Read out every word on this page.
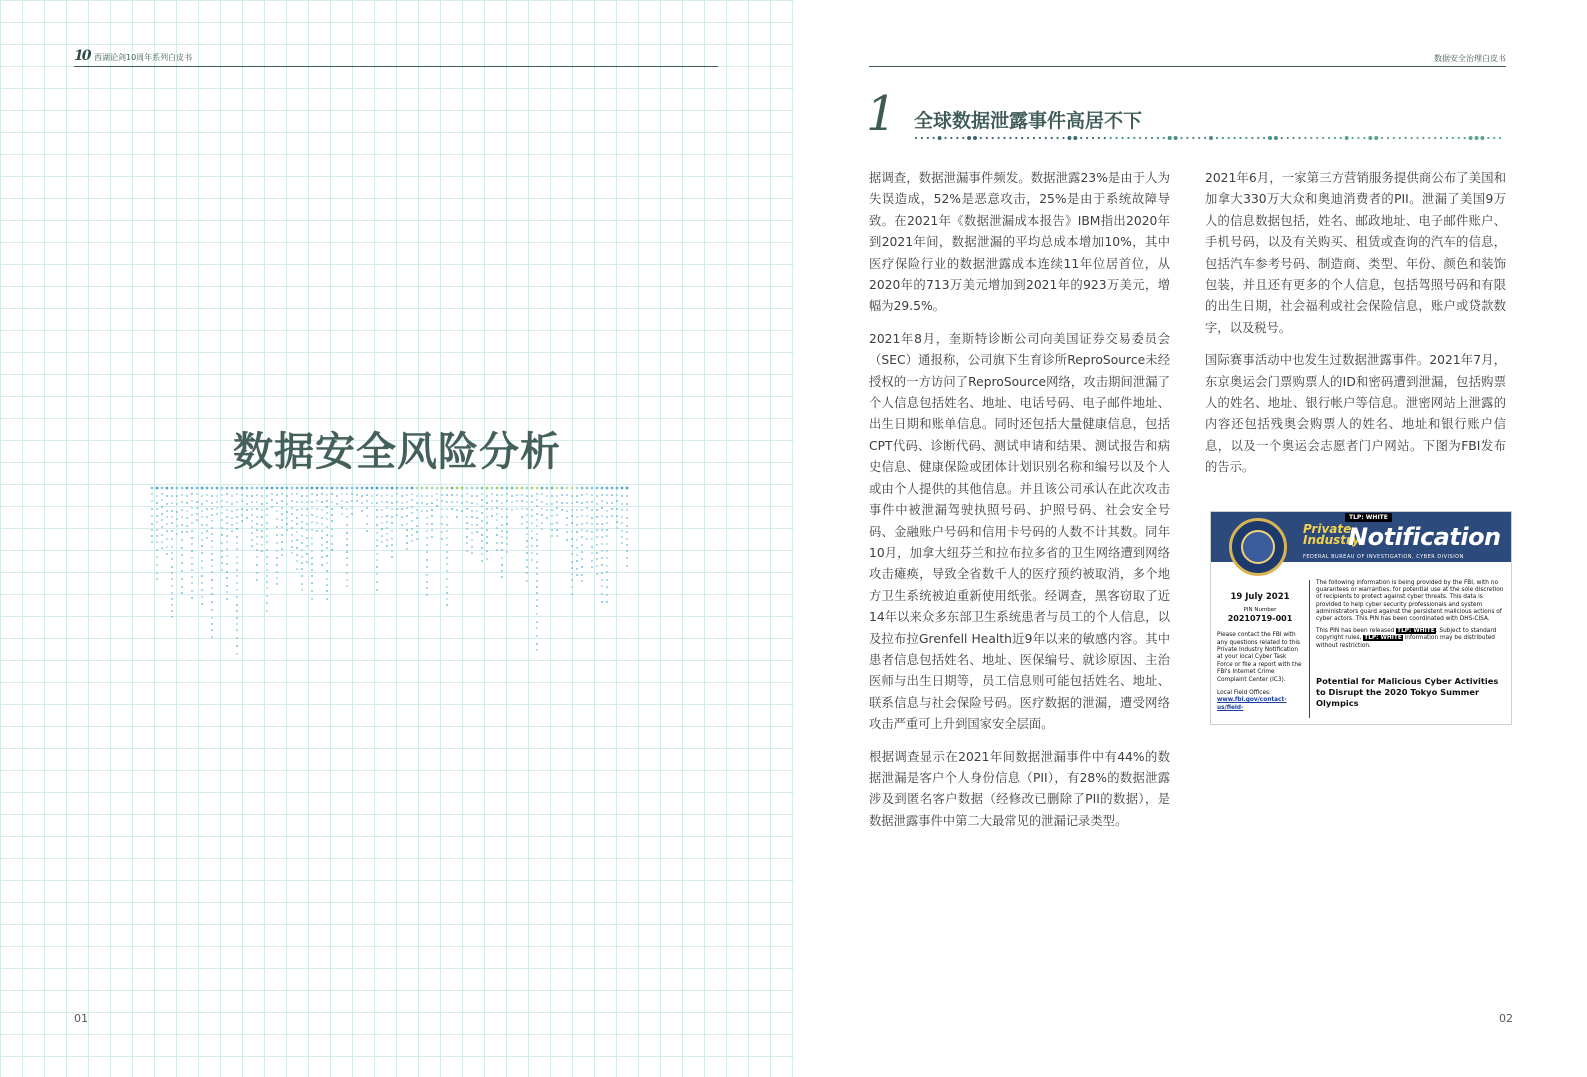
10 西湖论剑10周年系列白皮书
数据安全风险分析
01
数据安全治理白皮书
1 全球数据泄露事件高居不下

据调查，数据泄漏事件频发。数据泄露23%是由于人为失误造成，52%是恶意攻击，25%是由于系统故障导致。在2021年《数据泄漏成本报告》IBM指出2020年到2021年间，数据泄漏的平均总成本增加10%，其中医疗保险行业的数据泄露成本连续11年位居首位，从2020年的713万美元增加到2021年的923万美元，增幅为29.5%。

2021年8月，奎斯特诊断公司向美国证券交易委员会（SEC）通报称，公司旗下生育诊所ReproSource未经授权的一方访问了ReproSource网络，攻击期间泄漏了个人信息包括姓名、地址、电话号码、电子邮件地址、出生日期和账单信息。同时还包括大量健康信息，包括CPT代码、诊断代码、测试申请和结果、测试报告和病史信息、健康保险或团体计划识别名称和编号以及个人或由个人提供的其他信息。并且该公司承认在此次攻击事件中被泄漏驾驶执照号码、护照号码、社会安全号码、金融账户号码和信用卡号码的人数不计其数。同年10月，加拿大纽芬兰和拉布拉多省的卫生网络遭到网络攻击瘫痪，导致全省数千人的医疗预约被取消，多个地方卫生系统被迫重新使用纸张。经调查，黑客窃取了近14年以来众多东部卫生系统患者与员工的个人信息，以及拉布拉Grenfell Health近9年以来的敏感内容。其中患者信息包括姓名、地址、医保编号、就诊原因、主治医师与出生日期等，员工信息则可能包括姓名、地址、联系信息与社会保险号码。医疗数据的泄漏，遭受网络攻击严重可上升到国家安全层面。

根据调查显示在2021年间数据泄漏事件中有44%的数据泄漏是客户个人身份信息（PII），有28%的数据泄露涉及到匿名客户数据（经修改已删除了PII的数据），是数据泄露事件中第二大最常见的泄漏记录类型。

2021年6月，一家第三方营销服务提供商公布了美国和加拿大330万大众和奥迪消费者的PII。泄漏了美国9万人的信息数据包括，姓名、邮政地址、电子邮件账户、手机号码，以及有关购买、租赁或查询的汽车的信息，包括汽车参考号码、制造商、类型、年份、颜色和装饰包装，并且还有更多的个人信息，包括驾照号码和有限的出生日期，社会福利或社会保险信息，账户或贷款数字，以及税号。

国际赛事活动中也发生过数据泄露事件。2021年7月，东京奥运会门票购票人的ID和密码遭到泄漏，包括购票人的姓名、地址、银行帐户等信息。泄密网站上泄露的内容还包括残奥会购票人的姓名、地址和银行账户信息，以及一个奥运会志愿者门户网站。下图为FBI发布的告示。

TLP: WHITE
Private Industry
Notification
FEDERAL BUREAU OF INVESTIGATION, CYBER DIVISION
19 July 2021
PIN Number
20210719-001
Please contact the FBI with any questions related to this Private Industry Notification at your local Cyber Task Force or file a report with the FBI's Internet Crime Complaint Center (IC3).
Local Field Offices:
www.fbi.gov/contact-us/field-

The following information is being provided by the FBI, with no guarantees or warranties, for potential use at the sole discretion of recipients to protect against cyber threats. This data is provided to help cyber security professionals and system administrators guard against the persistent malicious actions of cyber actors. This PIN has been coordinated with DHS-CISA.

This PIN has been released TLP: WHITE. Subject to standard copyright rules, TLP: WHITE information may be distributed without restriction.

Potential for Malicious Cyber Activities to Disrupt the 2020 Tokyo Summer Olympics
02
